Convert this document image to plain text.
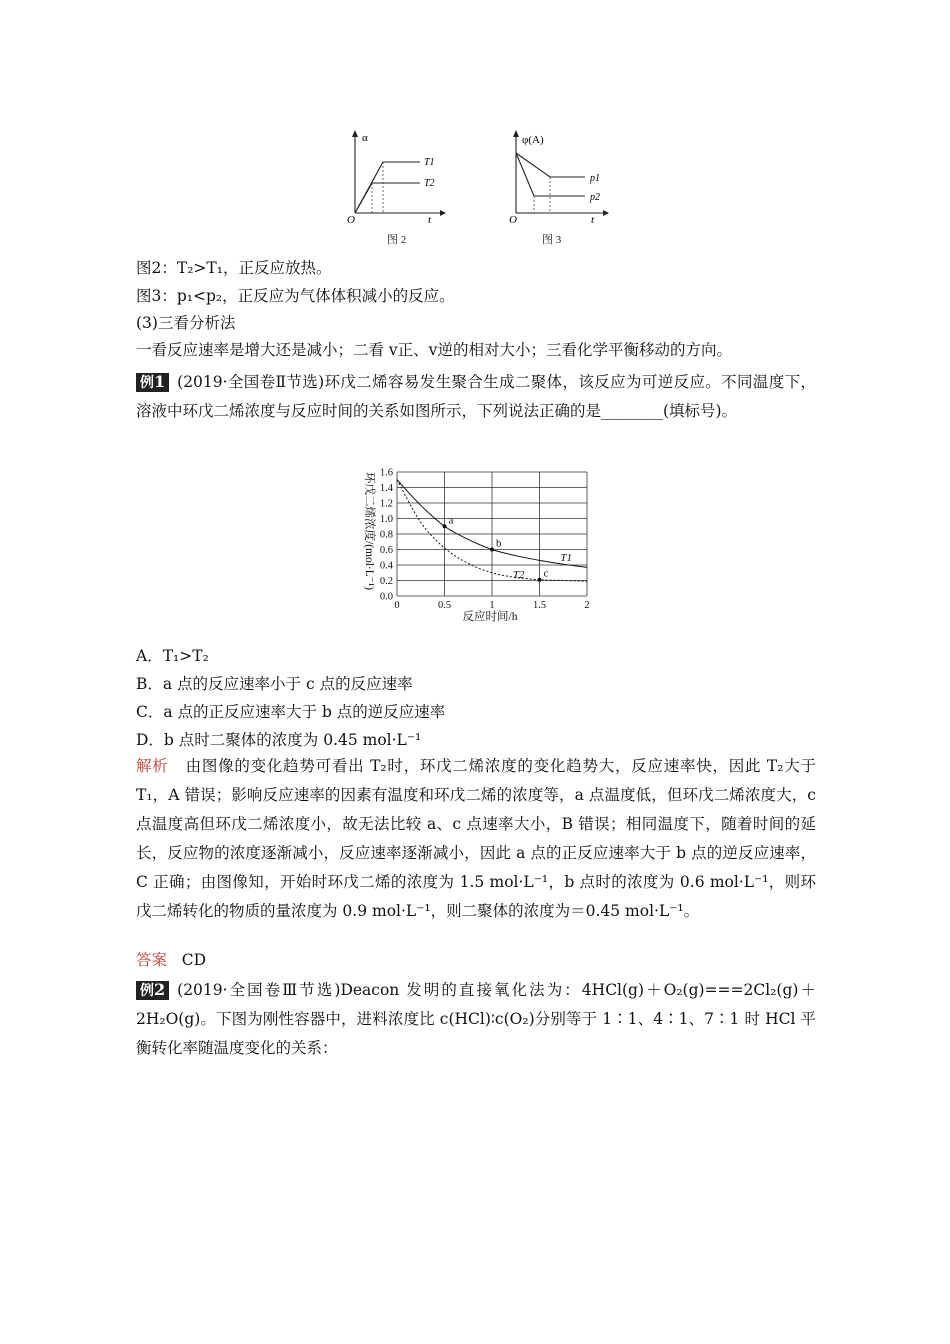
α
O	t
T1
T2
图 2
φ(A)
O	t
p1
p2
图 3
图2：T₂>T₁，正反应放热。
图3：p₁<p₂，正反应为气体体积减小的反应。
(3)三看分析法
一看反应速率是增大还是减小；二看 v正、v逆的相对大小；三看化学平衡移动的方向。
例1 (2019·全国卷Ⅱ节选)环戊二烯容易发生聚合生成二聚体，该反应为可逆反应。不同温度下，溶液中环戊二烯浓度与反应时间的关系如图所示，下列说法正确的是________(填标号)。
0.0
0.2
0.4
0.6
0.8
1.0
1.2
1.4
1.6
0	0.5	1	1.5	2
a
b
c
环戊二烯浓度/(mol·L⁻¹)
反应时间/h
T1
T2
A．T₁>T₂
B．a 点的反应速率小于 c 点的反应速率
C．a 点的正反应速率大于 b 点的逆反应速率
D．b 点时二聚体的浓度为 0.45 mol·L⁻¹
解析 由图像的变化趋势可看出 T₂时，环戊二烯浓度的变化趋势大，反应速率快，因此 T₂大于 T₁，A 错误；影响反应速率的因素有温度和环戊二烯的浓度等，a 点温度低，但环戊二烯浓度大，c 点温度高但环戊二烯浓度小，故无法比较 a、c 点速率大小，B 错误；相同温度下，随着时间的延长，反应物的浓度逐渐减小，反应速率逐渐减小，因此 a 点的正反应速率大于 b 点的逆反应速率，C 正确；由图像知，开始时环戊二烯的浓度为 1.5 mol·L⁻¹，b 点时的浓度为 0.6 mol·L⁻¹，则环戊二烯转化的物质的量浓度为 0.9 mol·L⁻¹，则二聚体的浓度为＝0.45 mol·L⁻¹。
答案 CD
例2 (2019·全国卷Ⅲ节选)Deacon 发明的直接氧化法为：4HCl(g)＋O₂(g)===2Cl₂(g)＋2H₂O(g)。下图为刚性容器中，进料浓度比 c(HCl)∶c(O₂)分别等于 1∶1、4∶1、7∶1 时 HCl 平衡转化率随温度变化的关系：
